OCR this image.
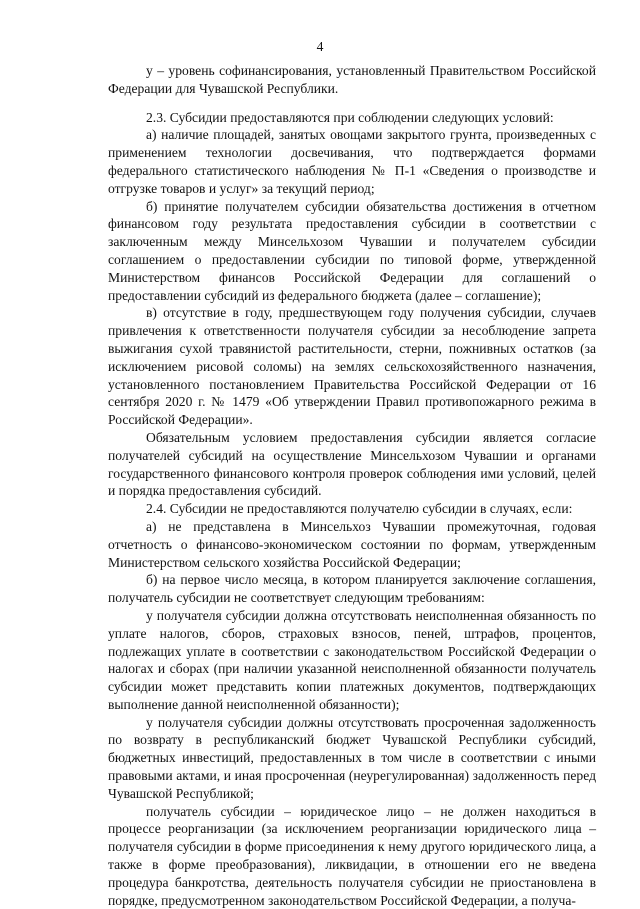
4

y – уровень софинансирования, установленный Правительством Российской Федерации для Чувашской Республики.

2.3. Субсидии предоставляются при соблюдении следующих условий:

а) наличие площадей, занятых овощами закрытого грунта, произведенных с применением технологии досвечивания, что подтверждается формами федерального статистического наблюдения № П-1 «Сведения о производстве и отгрузке товаров и услуг» за текущий период;

б) принятие получателем субсидии обязательства достижения в отчетном финансовом году результата предоставления субсидии в соответствии с заключенным между Минсельхозом Чувашии и получателем субсидии соглашением о предоставлении субсидии по типовой форме, утвержденной Министерством финансов Российской Федерации для соглашений о предоставлении субсидий из федерального бюджета (далее – соглашение);

в) отсутствие в году, предшествующем году получения субсидии, случаев привлечения к ответственности получателя субсидии за несоблюдение запрета выжигания сухой травянистой растительности, стерни, пожнивных остатков (за исключением рисовой соломы) на землях сельскохозяйственного назначения, установленного постановлением Правительства Российской Федерации от 16 сентября 2020 г. № 1479 «Об утверждении Правил противопожарного режима в Российской Федерации».

Обязательным условием предоставления субсидии является согласие получателей субсидий на осуществление Минсельхозом Чувашии и органами государственного финансового контроля проверок соблюдения ими условий, целей и порядка предоставления субсидий.

2.4. Субсидии не предоставляются получателю субсидии в случаях, если:

а) не представлена в Минсельхоз Чувашии промежуточная, годовая отчетность о финансово-экономическом состоянии по формам, утвержденным Министерством сельского хозяйства Российской Федерации;

б) на первое число месяца, в котором планируется заключение соглашения, получатель субсидии не соответствует следующим требованиям:

у получателя субсидии должна отсутствовать неисполненная обязанность по уплате налогов, сборов, страховых взносов, пеней, штрафов, процентов, подлежащих уплате в соответствии с законодательством Российской Федерации о налогах и сборах (при наличии указанной неисполненной обязанности получатель субсидии может представить копии платежных документов, подтверждающих выполнение данной неисполненной обязанности);

у получателя субсидии должны отсутствовать просроченная задолженность по возврату в республиканский бюджет Чувашской Республики субсидий, бюджетных инвестиций, предоставленных в том числе в соответствии с иными правовыми актами, и иная просроченная (неурегулированная) задолженность перед Чувашской Республикой;

получатель субсидии – юридическое лицо – не должен находиться в процессе реорганизации (за исключением реорганизации юридического лица – получателя субсидии в форме присоединения к нему другого юридического лица, а также в форме преобразования), ликвидации, в отношении его не введена процедура банкротства, деятельность получателя субсидии не приостановлена в порядке, предусмотренном законодательством Российской Федерации, а получа-
